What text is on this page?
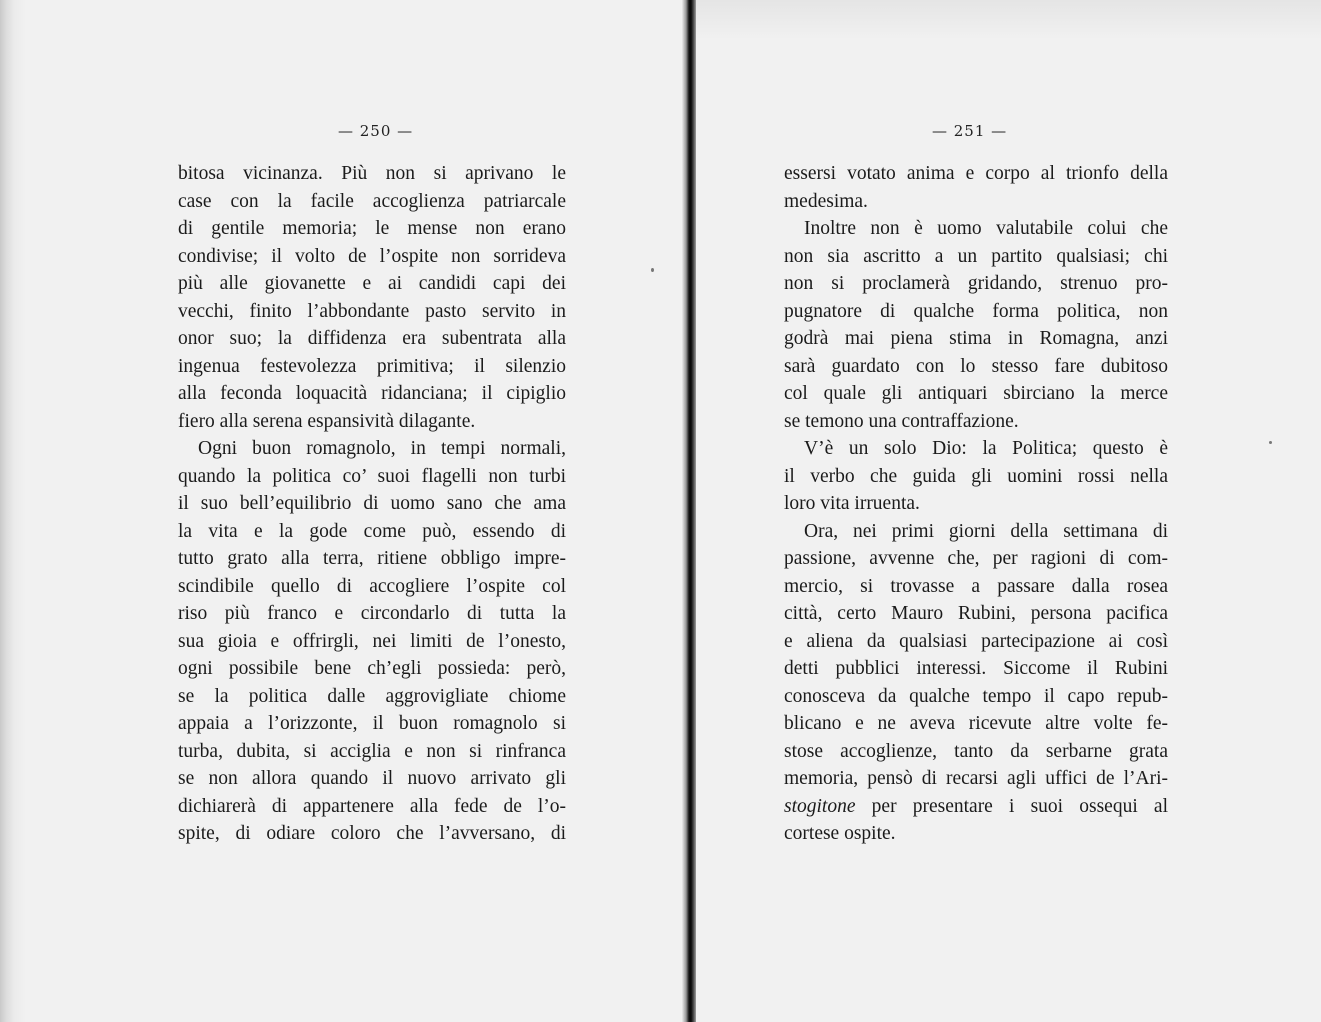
— 250 —
bitosa vicinanza. Più non si aprivano le
case con la facile accoglienza patriarcale
di gentile memoria; le mense non erano
condivise; il volto de l’ospite non sorrideva
più alle giovanette e ai candidi capi dei
vecchi, finito l’abbondante pasto servito in
onor suo; la diffidenza era subentrata alla
ingenua festevolezza primitiva; il silenzio
alla feconda loquacità ridanciana; il cipiglio
fiero alla serena espansività dilagante.
Ogni buon romagnolo, in tempi normali,
quando la politica co’ suoi flagelli non turbi
il suo bell’equilibrio di uomo sano che ama
la vita e la gode come può, essendo di
tutto grato alla terra, ritiene obbligo impre-
scindibile quello di accogliere l’ospite col
riso più franco e circondarlo di tutta la
sua gioia e offrirgli, nei limiti de l’onesto,
ogni possibile bene ch’egli possieda: però,
se la politica dalle aggrovigliate chiome
appaia a l’orizzonte, il buon romagnolo si
turba, dubita, si acciglia e non si rinfranca
se non allora quando il nuovo arrivato gli
dichiarerà di appartenere alla fede de l’o-
spite, di odiare coloro che l’avversano, di
— 251 —
essersi votato anima e corpo al trionfo della
medesima.
Inoltre non è uomo valutabile colui che
non sia ascritto a un partito qualsiasi; chi
non si proclamerà gridando, strenuo pro-
pugnatore di qualche forma politica, non
godrà mai piena stima in Romagna, anzi
sarà guardato con lo stesso fare dubitoso
col quale gli antiquari sbirciano la merce
se temono una contraffazione.
V’è un solo Dio: la Politica; questo è
il verbo che guida gli uomini rossi nella
loro vita irruenta.
Ora, nei primi giorni della settimana di
passione, avvenne che, per ragioni di com-
mercio, si trovasse a passare dalla rosea
città, certo Mauro Rubini, persona pacifica
e aliena da qualsiasi partecipazione ai così
detti pubblici interessi. Siccome il Rubini
conosceva da qualche tempo il capo repub-
blicano e ne aveva ricevute altre volte fe-
stose accoglienze, tanto da serbarne grata
memoria, pensò di recarsi agli uffici de l’Ari-
stogitone per presentare i suoi ossequi al
cortese ospite.
